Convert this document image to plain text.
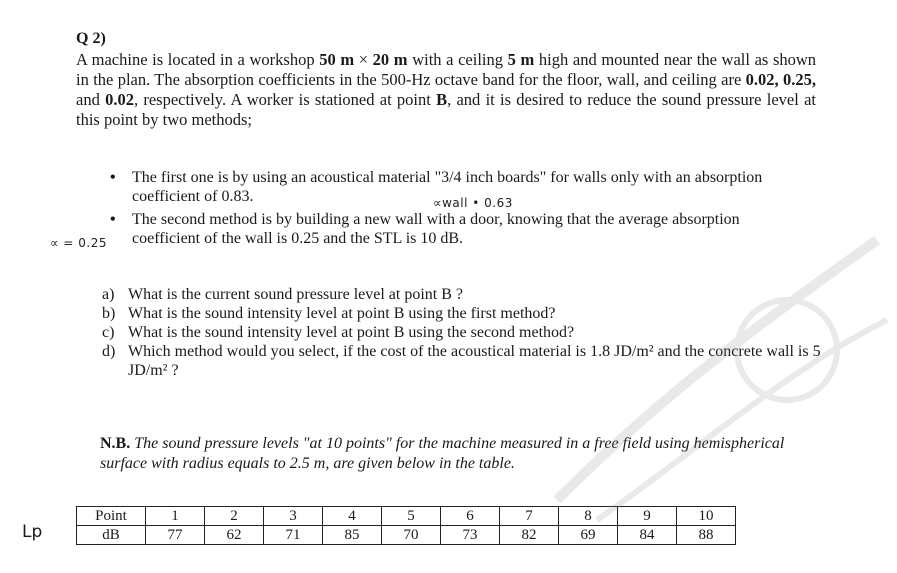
Q 2)
A machine is located in a workshop 50 m × 20 m with a ceiling 5 m high and mounted near the wall as shown in the plan. The absorption coefficients in the 500-Hz octave band for the floor, wall, and ceiling are 0.02, 0.25, and 0.02, respectively. A worker is stationed at point B, and it is desired to reduce the sound pressure level at this point by two methods;
• The first one is by using an acoustical material "3/4 inch boards" for walls only with an absorption coefficient of 0.83.
• The second method is by building a new wall with a door, knowing that the average absorption coefficient of the wall is 0.25 and the STL is 10 dB.
∝wall • 0.63
∝ = 0.25
a) What is the current sound pressure level at point B ?
b) What is the sound intensity level at point B using the first method?
c) What is the sound intensity level at point B using the second method?
d) Which method would you select, if the cost of the acoustical material is 1.8 JD/m² and the concrete wall is 5 JD/m² ?
N.B. The sound pressure levels "at 10 points" for the machine measured in a free field using hemispherical surface with radius equals to 2.5 m, are given below in the table.
Lp
Point	1	2	3	4	5	6	7	8	9	10
dB	77	62	71	85	70	73	82	69	84	88
